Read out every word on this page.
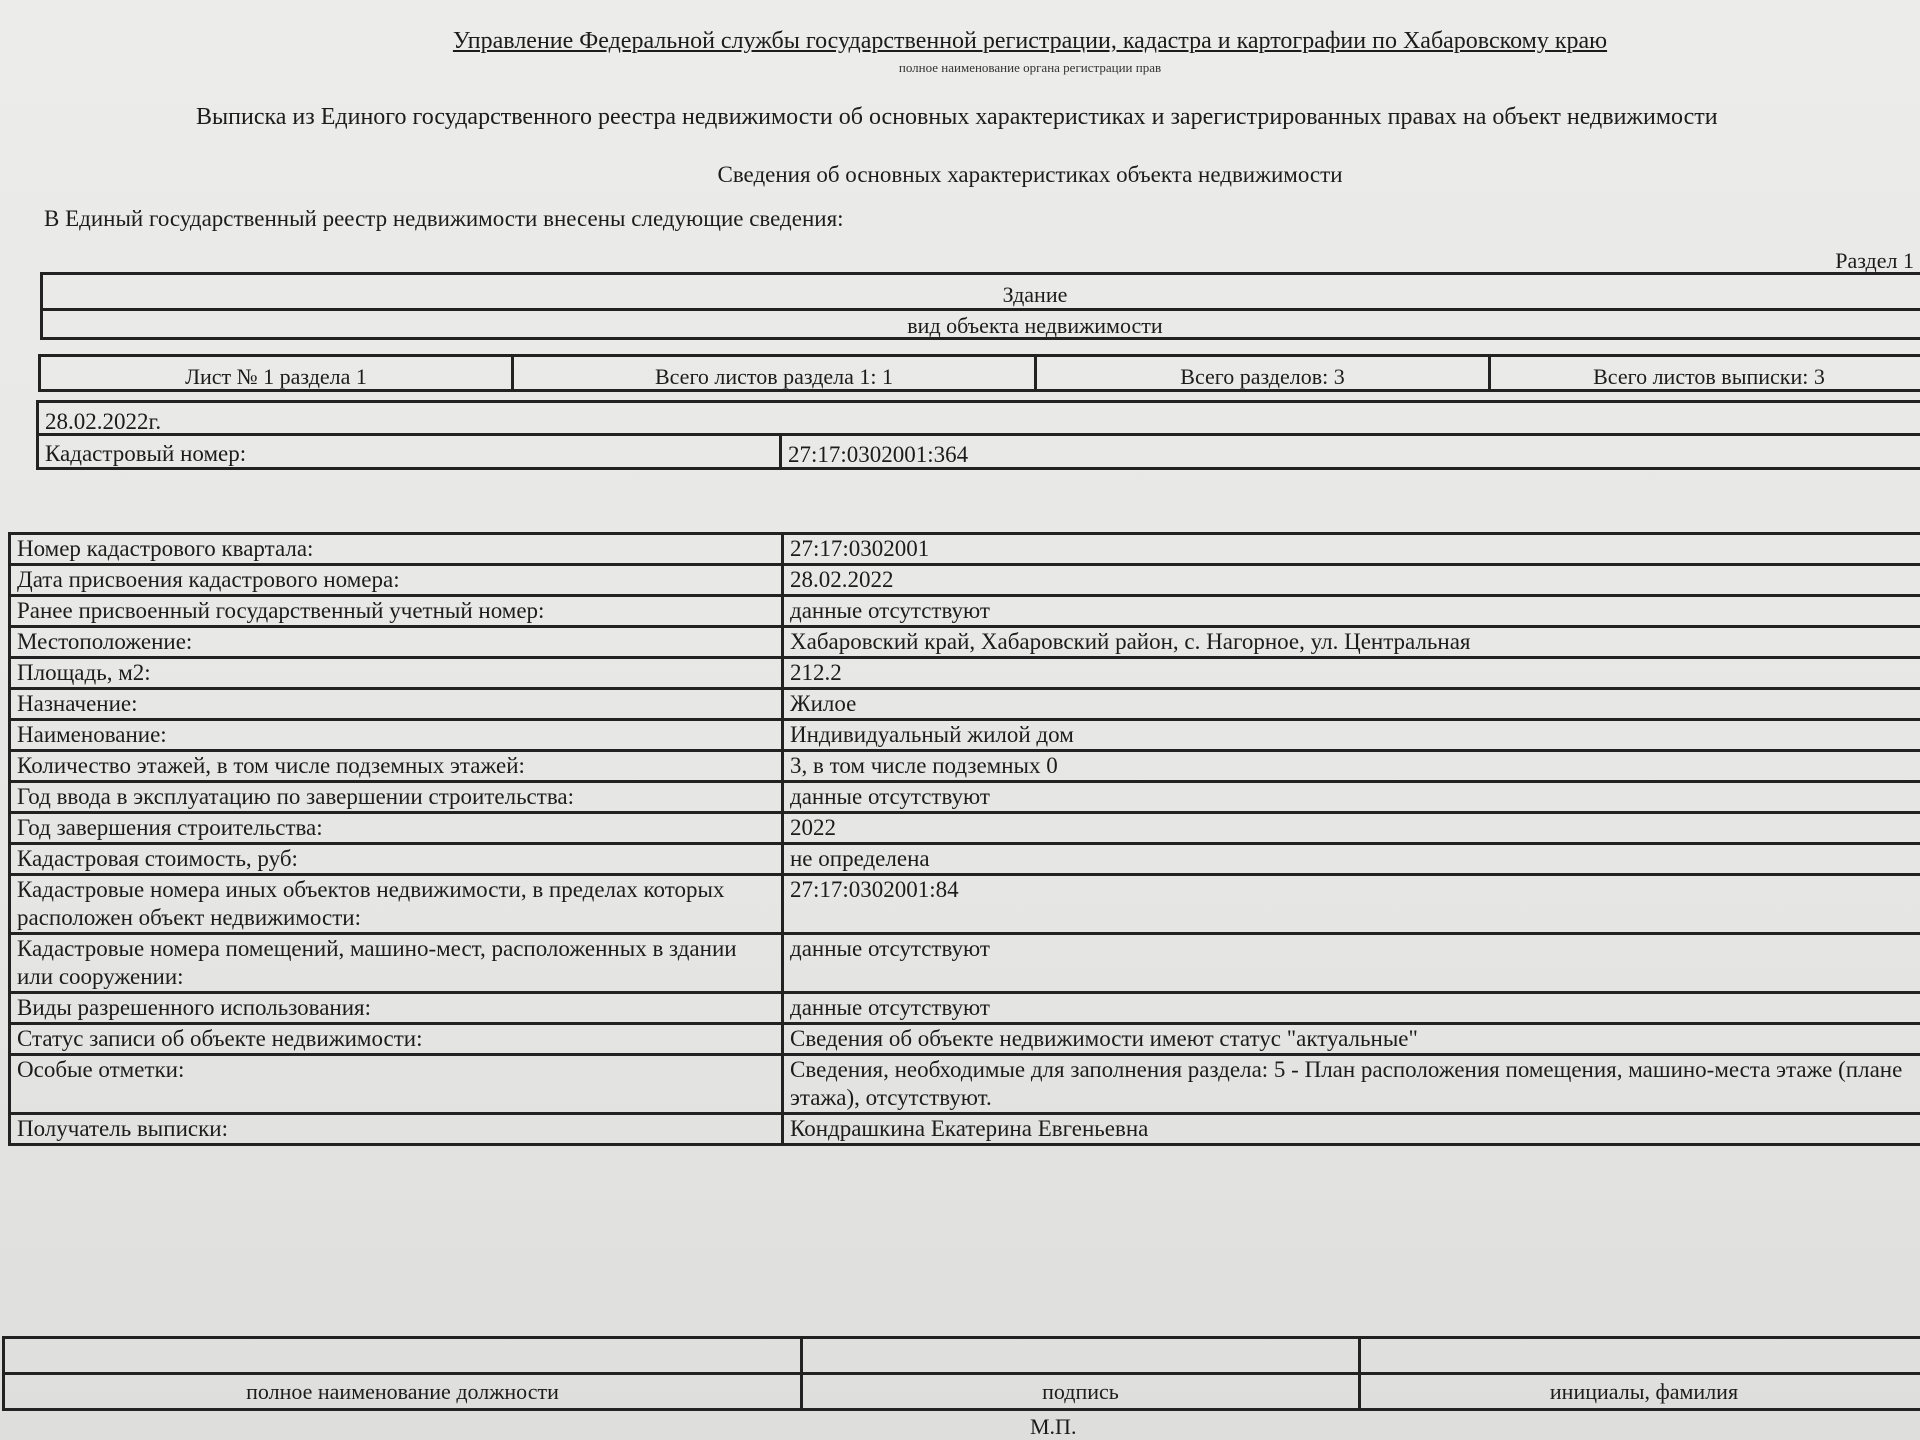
Управление Федеральной службы государственной регистрации, кадастра и картографии по Хабаровскому краю
полное наименование органа регистрации прав
Выписка из Единого государственного реестра недвижимости об основных характеристиках и зарегистрированных правах на объект недвижимости
Сведения об основных характеристиках объекта недвижимости
В Единый государственный реестр недвижимости внесены следующие сведения:
Раздел 1
Здание
вид объекта недвижимости
Лист № 1 раздела 1	Всего листов раздела 1: 1	Всего разделов: 3	Всего листов выписки: 3
28.02.2022г.
Кадастровый номер:	27:17:0302001:364
Номер кадастрового квартала:	27:17:0302001
Дата присвоения кадастрового номера:	28.02.2022
Ранее присвоенный государственный учетный номер:	данные отсутствуют
Местоположение:	Хабаровский край, Хабаровский район, с. Нагорное, ул. Центральная
Площадь, м2:	212.2
Назначение:	Жилое
Наименование:	Индивидуальный жилой дом
Количество этажей, в том числе подземных этажей:	3, в том числе подземных 0
Год ввода в эксплуатацию по завершении строительства:	данные отсутствуют
Год завершения строительства:	2022
Кадастровая стоимость, руб:	не определена
Кадастровые номера иных объектов недвижимости, в пределах которых расположен объект недвижимости:	27:17:0302001:84
Кадастровые номера помещений, машино-мест, расположенных в здании или сооружении:	данные отсутствуют
Виды разрешенного использования:	данные отсутствуют
Статус записи об объекте недвижимости:	Сведения об объекте недвижимости имеют статус "актуальные"
Особые отметки:	Сведения, необходимые для заполнения раздела: 5 - План расположения помещения, машино-места этаже (плане этажа), отсутствуют.
Получатель выписки:	Кондрашкина Екатерина Евгеньевна

полное наименование должности	подпись	инициалы, фамилия
М.П.
